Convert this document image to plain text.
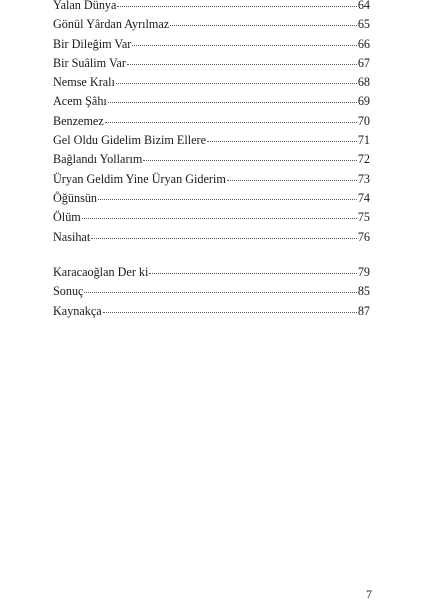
Yalan Dünya	64
Gönül Yârdan Ayrılmaz	65
Bir Dileğim Var	66
Bir Suâlim Var	67
Nemse Kralı	68
Acem Şâhı	69
Benzemez	70
Gel Oldu Gidelim Bizim Ellere	71
Bağlandı Yollarım	72
Üryan Geldim Yine Üryan Giderim	73
Öğünsün	74
Ölüm	75
Nasihat	76
Karacaoğlan Der ki	79
Sonuç	85
Kaynakça	87
7
